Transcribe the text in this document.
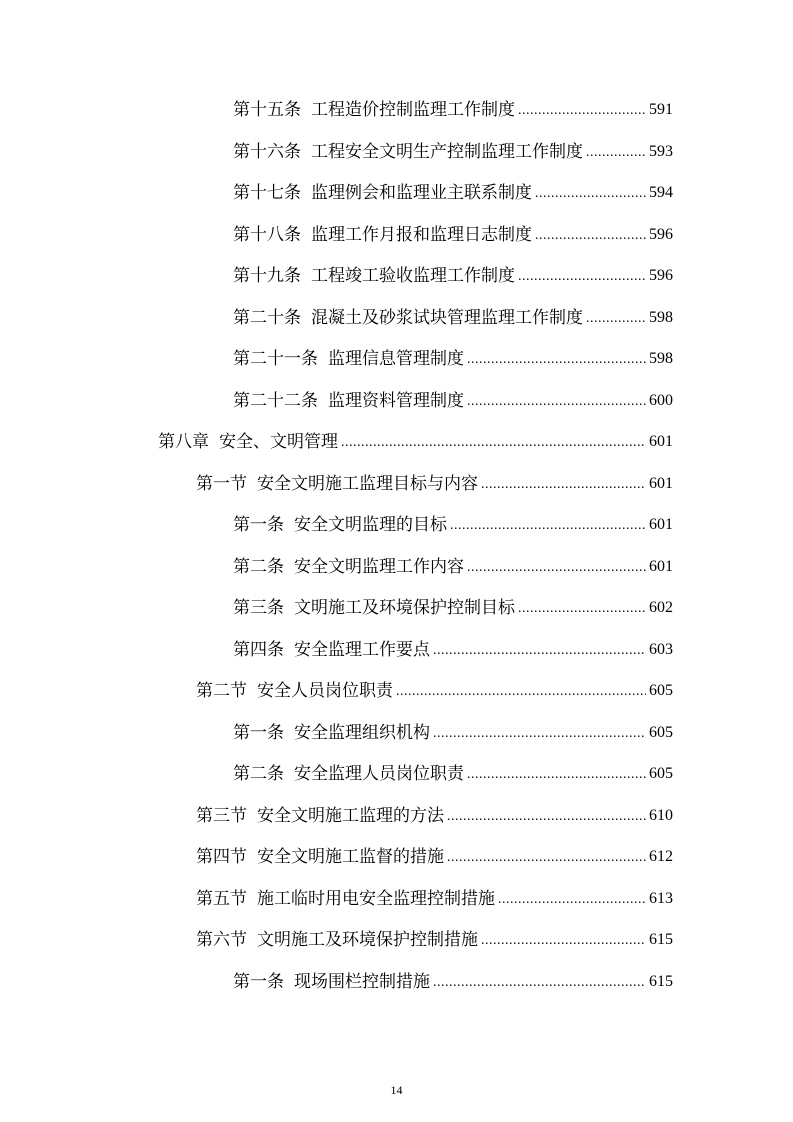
第十五条 工程造价控制监理工作制度 .....	591
第十六条 工程安全文明生产控制监理工作制度 .....	593
第十七条 监理例会和监理业主联系制度 .....	594
第十八条 监理工作月报和监理日志制度 .....	596
第十九条 工程竣工验收监理工作制度 .....	596
第二十条 混凝土及砂浆试块管理监理工作制度 .....	598
第二十一条 监理信息管理制度 .....	598
第二十二条 监理资料管理制度 .....	600
第八章 安全、文明管理 .....	601
第一节 安全文明施工监理目标与内容 .....	601
第一条 安全文明监理的目标 .....	601
第二条 安全文明监理工作内容 .....	601
第三条 文明施工及环境保护控制目标 .....	602
第四条 安全监理工作要点 .....	603
第二节 安全人员岗位职责 .....	605
第一条 安全监理组织机构 .....	605
第二条 安全监理人员岗位职责 .....	605
第三节 安全文明施工监理的方法 .....	610
第四节 安全文明施工监督的措施 .....	612
第五节 施工临时用电安全监理控制措施 .....	613
第六节 文明施工及环境保护控制措施 .....	615
第一条 现场围栏控制措施 .....	615
14
